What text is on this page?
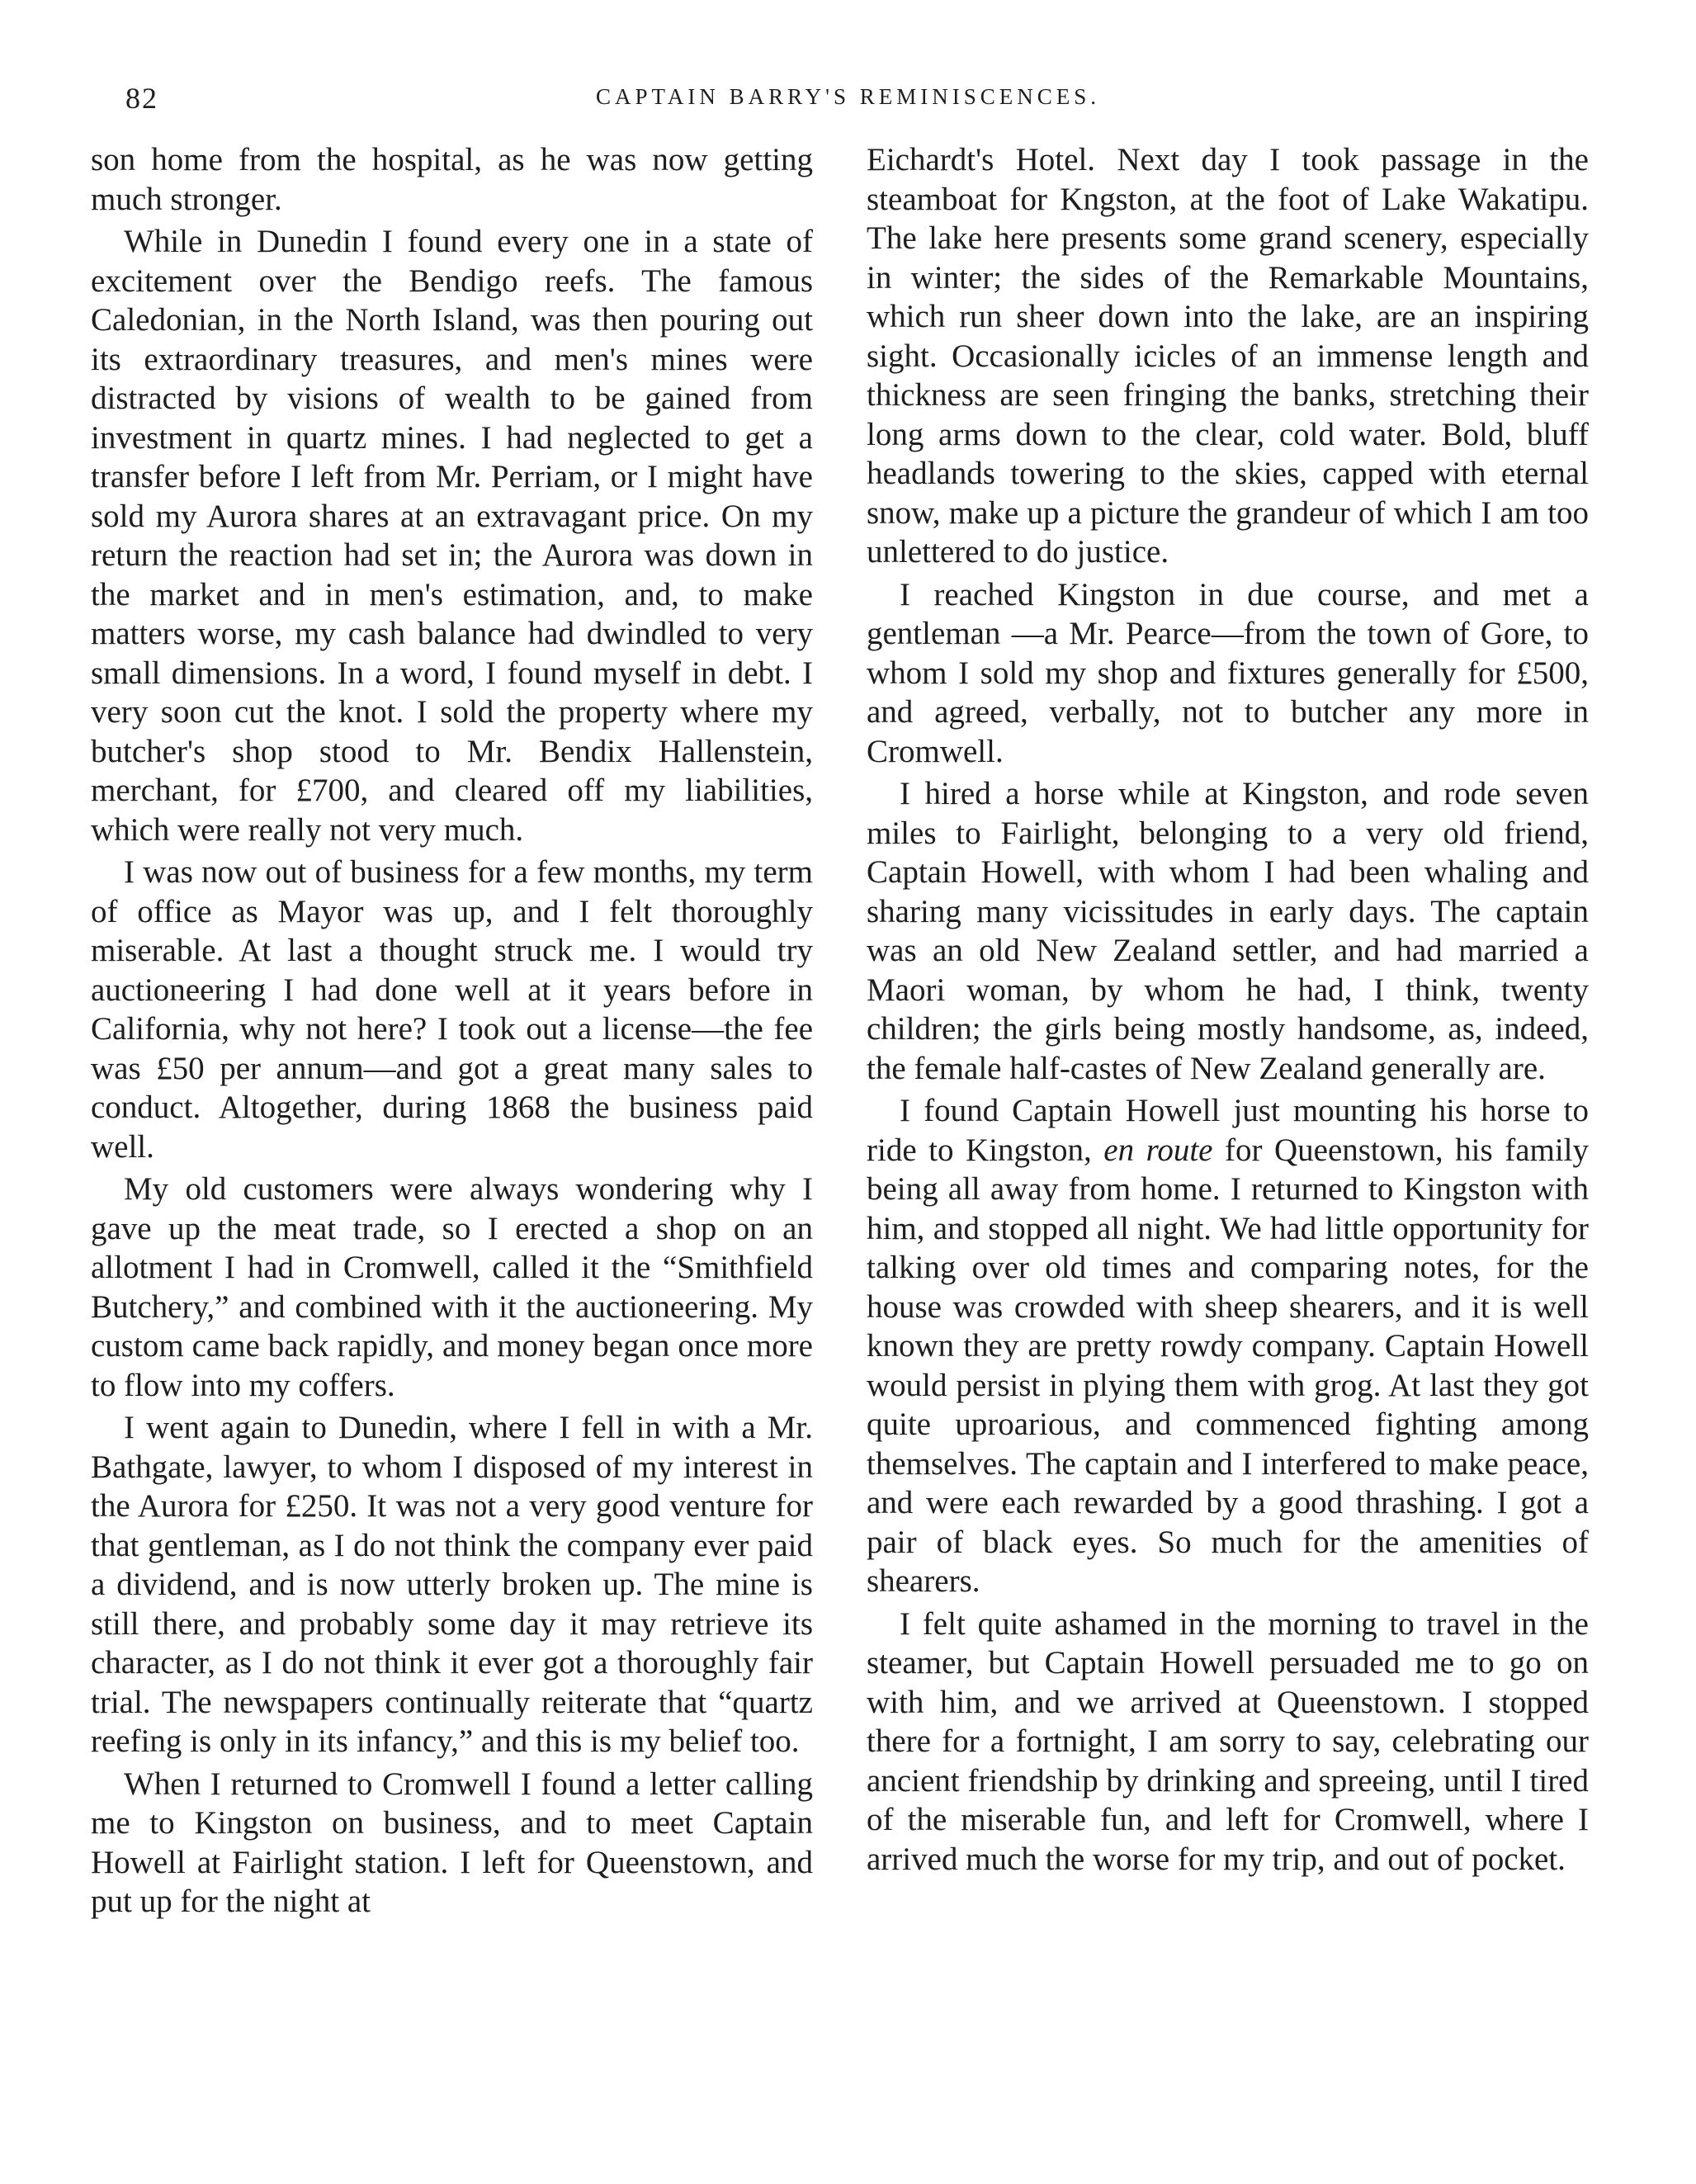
82	CAPTAIN BARRY'S REMINISCENCES.

son home from the hospital, as he was now getting much stronger.

While in Dunedin I found every one in a state of excitement over the Bendigo reefs. The famous Caledonian, in the North Island, was then pouring out its extraordinary treasures, and men's mines were distracted by visions of wealth to be gained from investment in quartz mines. I had neglected to get a transfer before I left from Mr. Perriam, or I might have sold my Aurora shares at an extravagant price. On my return the reaction had set in; the Aurora was down in the market and in men's estimation, and, to make matters worse, my cash balance had dwindled to very small dimensions. In a word, I found myself in debt. I very soon cut the knot. I sold the property where my butcher's shop stood to Mr. Bendix Hallenstein, merchant, for £700, and cleared off my liabilities, which were really not very much.

I was now out of business for a few months, my term of office as Mayor was up, and I felt thoroughly miserable. At last a thought struck me. I would try auctioneering I had done well at it years before in California, why not here? I took out a license—the fee was £50 per annum—and got a great many sales to conduct. Altogether, during 1868 the business paid well.

My old customers were always wondering why I gave up the meat trade, so I erected a shop on an allotment I had in Cromwell, called it the “Smithfield Butchery,” and combined with it the auctioneering. My custom came back rapidly, and money began once more to flow into my coffers.

I went again to Dunedin, where I fell in with a Mr. Bathgate, lawyer, to whom I disposed of my interest in the Aurora for £250. It was not a very good venture for that gentleman, as I do not think the company ever paid a dividend, and is now utterly broken up. The mine is still there, and probably some day it may retrieve its character, as I do not think it ever got a thoroughly fair trial. The newspapers continually reiterate that “quartz reefing is only in its infancy,” and this is my belief too.

When I returned to Cromwell I found a letter calling me to Kingston on business, and to meet Captain Howell at Fairlight station. I left for Queenstown, and put up for the night at

Eichardt's Hotel. Next day I took passage in the steamboat for Kngston, at the foot of Lake Wakatipu. The lake here presents some grand scenery, especially in winter; the sides of the Remarkable Mountains, which run sheer down into the lake, are an inspiring sight. Occasionally icicles of an immense length and thickness are seen fringing the banks, stretching their long arms down to the clear, cold water. Bold, bluff headlands towering to the skies, capped with eternal snow, make up a picture the grandeur of which I am too unlettered to do justice.

I reached Kingston in due course, and met a gentleman —a Mr. Pearce—from the town of Gore, to whom I sold my shop and fixtures generally for £500, and agreed, verbally, not to butcher any more in Cromwell.

I hired a horse while at Kingston, and rode seven miles to Fairlight, belonging to a very old friend, Captain Howell, with whom I had been whaling and sharing many vicissitudes in early days. The captain was an old New Zealand settler, and had married a Maori woman, by whom he had, I think, twenty children; the girls being mostly handsome, as, indeed, the female half-castes of New Zealand generally are.

I found Captain Howell just mounting his horse to ride to Kingston, en route for Queenstown, his family being all away from home. I returned to Kingston with him, and stopped all night. We had little opportunity for talking over old times and comparing notes, for the house was crowded with sheep shearers, and it is well known they are pretty rowdy company. Captain Howell would persist in plying them with grog. At last they got quite uproarious, and commenced fighting among themselves. The captain and I interfered to make peace, and were each rewarded by a good thrashing. I got a pair of black eyes. So much for the amenities of shearers.

I felt quite ashamed in the morning to travel in the steamer, but Captain Howell persuaded me to go on with him, and we arrived at Queenstown. I stopped there for a fortnight, I am sorry to say, celebrating our ancient friendship by drinking and spreeing, until I tired of the miserable fun, and left for Cromwell, where I arrived much the worse for my trip, and out of pocket.
